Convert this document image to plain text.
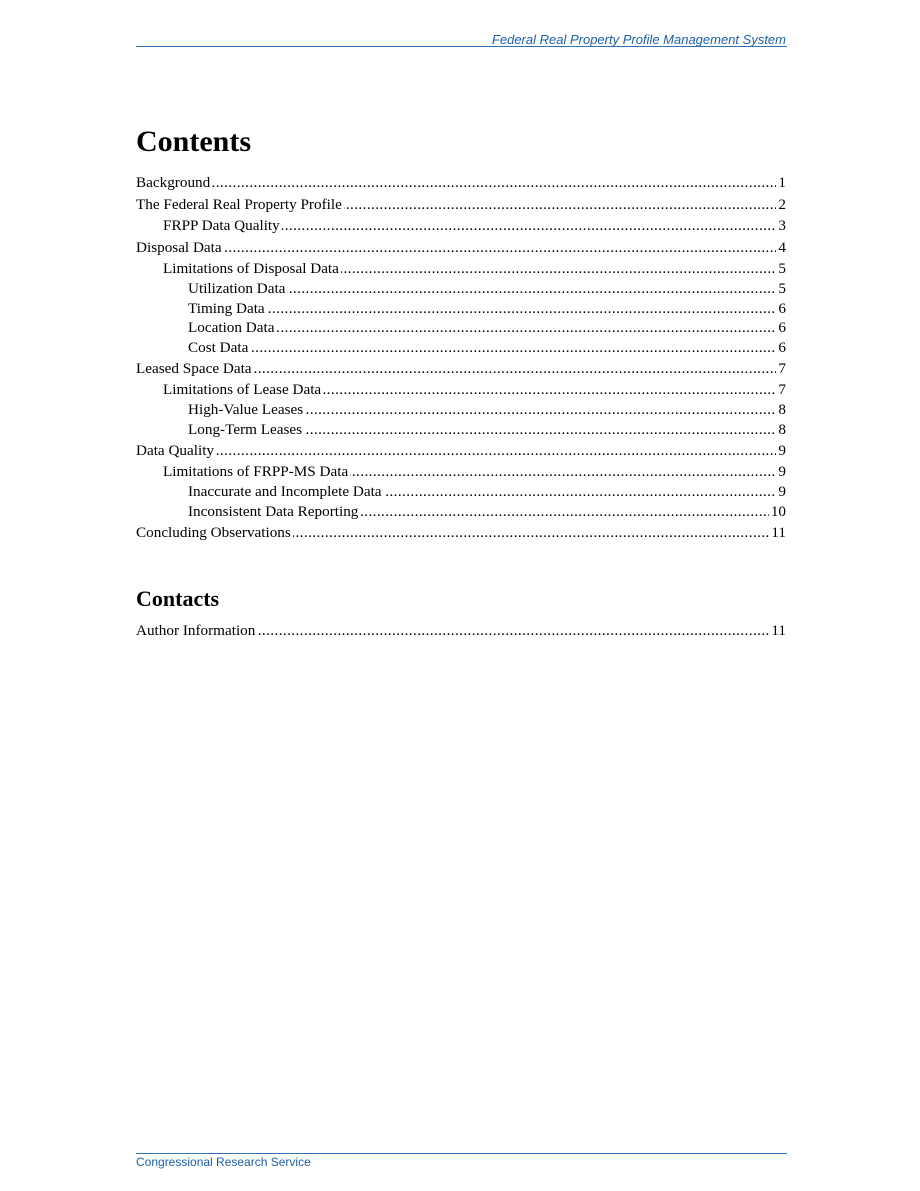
Federal Real Property Profile Management System
Contents
.....
Background	1
.....
The Federal Real Property Profile	2
.....
FRPP Data Quality	3
.....
Disposal Data	4
.....
Limitations of Disposal Data	5
.....
Utilization Data	5
.....
Timing Data	6
.....
Location Data	6
.....
Cost Data	6
.....
Leased Space Data	7
.....
Limitations of Lease Data	7
.....
High-Value Leases	8
.....
Long-Term Leases	8
.....
Data Quality	9
.....
Limitations of FRPP-MS Data	9
.....
Inaccurate and Incomplete Data	9
.....
Inconsistent Data Reporting	10
.....
Concluding Observations	11
Contacts
.....
Author Information	11
Congressional Research Service
